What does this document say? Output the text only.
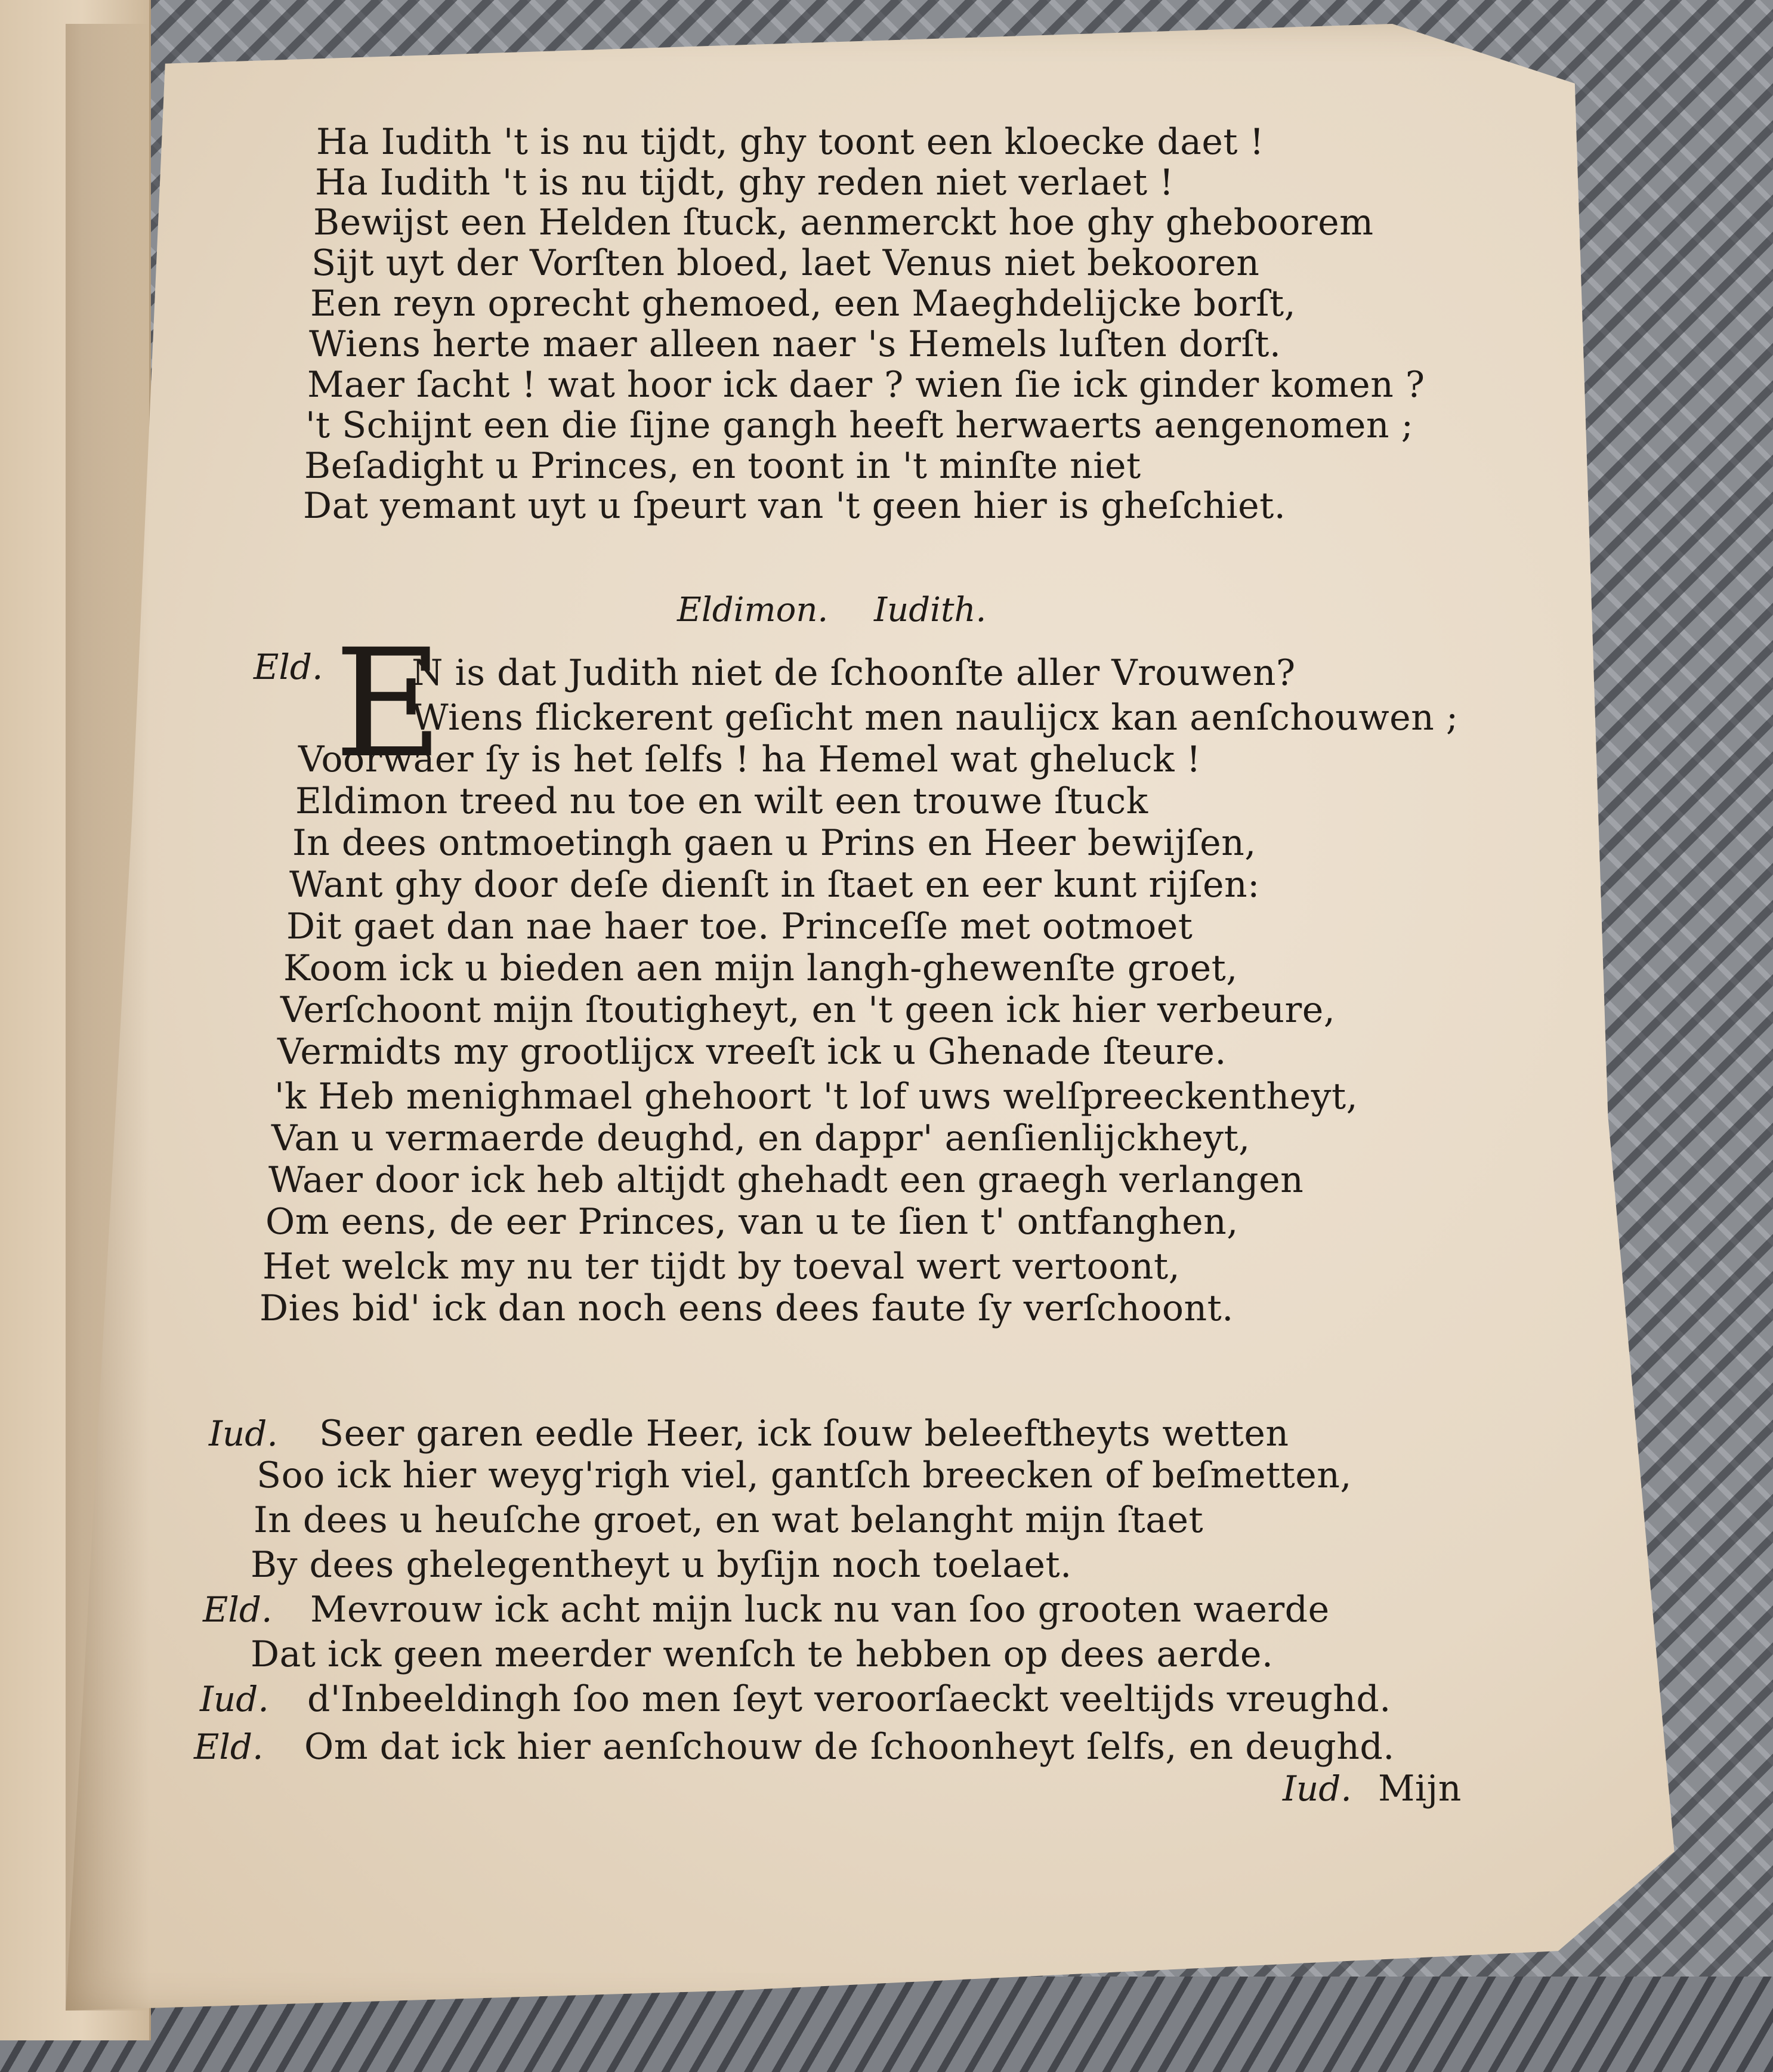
Ha Iudith 't is nu tijdt, ghy toont een kloecke daet !
Ha Iudith 't is nu tijdt, ghy reden niet verlaet !
Bewijst een Helden ſtuck, aenmerckt hoe ghy gheboorem
Sijt uyt der Vorſten bloed, laet Venus niet bekooren
Een reyn oprecht ghemoed, een Maeghdelijcke borſt,
Wiens herte maer alleen naer 's Hemels luſten dorſt.
Maer ſacht ! wat hoor ick daer ? wien ſie ick ginder komen ?
't Schijnt een die ſijne gangh heeft herwaerts aengenomen ;
Beſadight u Princes, en toont in 't minſte niet
Dat yemant uyt u ſpeurt van 't geen hier is gheſchiet.
Eldimon. Iudith.
Eld. E
N is dat Judith niet de ſchoonſte aller Vrouwen?
Wiens flickerent geſicht men naulijcx kan aenſchouwen ;
Voorwaer ſy is het ſelfs ! ha Hemel wat gheluck !
Eldimon treed nu toe en wilt een trouwe ſtuck
In dees ontmoetingh gaen u Prins en Heer bewijſen,
Want ghy door deſe dienſt in ſtaet en eer kunt rijſen:
Dit gaet dan nae haer toe. Princeſſe met ootmoet
Koom ick u bieden aen mijn langh-ghewenſte groet,
Verſchoont mijn ſtoutigheyt, en 't geen ick hier verbeure,
Vermidts my grootlijcx vreeſt ick u Ghenade ſteure.
'k Heb menighmael ghehoort 't lof uws welſpreeckentheyt,
Van u vermaerde deughd, en dappr' aenſienlijckheyt,
Waer door ick heb altijdt ghehadt een graegh verlangen
Om eens, de eer Princes, van u te ſien t' ontfanghen,
Het welck my nu ter tijdt by toeval wert vertoont,
Dies bid' ick dan noch eens dees faute ſy verſchoont.
Iud. Seer garen eedle Heer, ick ſouw beleeftheyts wetten
Soo ick hier weyg'righ viel, gantſch breecken of beſmetten,
In dees u heuſche groet, en wat belanght mijn ſtaet
By dees ghelegentheyt u byſijn noch toelaet.
Eld. Mevrouw ick acht mijn luck nu van ſoo grooten waerde
Dat ick geen meerder wenſch te hebben op dees aerde.
Iud. d'Inbeeldingh ſoo men ſeyt veroorſaeckt veeltijds vreughd.
Eld. Om dat ick hier aenſchouw de ſchoonheyt ſelfs, en deughd.
Iud. Mijn
